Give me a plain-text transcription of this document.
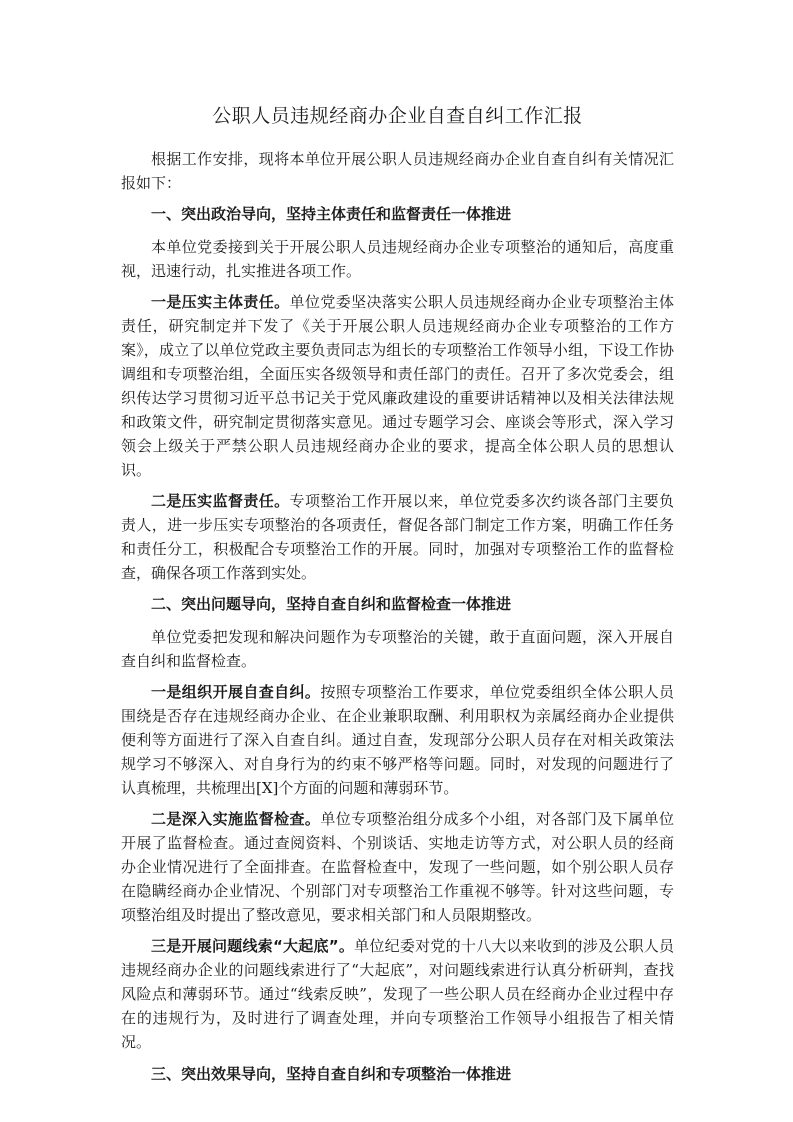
公职人员违规经商办企业自查自纠工作汇报

根据工作安排，现将本单位开展公职人员违规经商办企业自查自纠有关情况汇报如下：

一、突出政治导向，坚持主体责任和监督责任一体推进

本单位党委接到关于开展公职人员违规经商办企业专项整治的通知后，高度重视，迅速行动，扎实推进各项工作。

一是压实主体责任。单位党委坚决落实公职人员违规经商办企业专项整治主体责任，研究制定并下发了《关于开展公职人员违规经商办企业专项整治的工作方案》，成立了以单位党政主要负责同志为组长的专项整治工作领导小组，下设工作协调组和专项整治组，全面压实各级领导和责任部门的责任。召开了多次党委会，组织传达学习贯彻习近平总书记关于党风廉政建设的重要讲话精神以及相关法律法规和政策文件，研究制定贯彻落实意见。通过专题学习会、座谈会等形式，深入学习领会上级关于严禁公职人员违规经商办企业的要求，提高全体公职人员的思想认识。

二是压实监督责任。专项整治工作开展以来，单位党委多次约谈各部门主要负责人，进一步压实专项整治的各项责任，督促各部门制定工作方案，明确工作任务和责任分工，积极配合专项整治工作的开展。同时，加强对专项整治工作的监督检查，确保各项工作落到实处。

二、突出问题导向，坚持自查自纠和监督检查一体推进

单位党委把发现和解决问题作为专项整治的关键，敢于直面问题，深入开展自查自纠和监督检查。

一是组织开展自查自纠。按照专项整治工作要求，单位党委组织全体公职人员围绕是否存在违规经商办企业、在企业兼职取酬、利用职权为亲属经商办企业提供便利等方面进行了深入自查自纠。通过自查，发现部分公职人员存在对相关政策法规学习不够深入、对自身行为的约束不够严格等问题。同时，对发现的问题进行了认真梳理，共梳理出[X]个方面的问题和薄弱环节。

二是深入实施监督检查。单位专项整治组分成多个小组，对各部门及下属单位开展了监督检查。通过查阅资料、个别谈话、实地走访等方式，对公职人员的经商办企业情况进行了全面排查。在监督检查中，发现了一些问题，如个别公职人员存在隐瞒经商办企业情况、个别部门对专项整治工作重视不够等。针对这些问题，专项整治组及时提出了整改意见，要求相关部门和人员限期整改。

三是开展问题线索“大起底”。单位纪委对党的十八大以来收到的涉及公职人员违规经商办企业的问题线索进行了“大起底”，对问题线索进行认真分析研判，查找风险点和薄弱环节。通过“线索反映”，发现了一些公职人员在经商办企业过程中存在的违规行为，及时进行了调查处理，并向专项整治工作领导小组报告了相关情况。

三、突出效果导向，坚持自查自纠和专项整治一体推进
